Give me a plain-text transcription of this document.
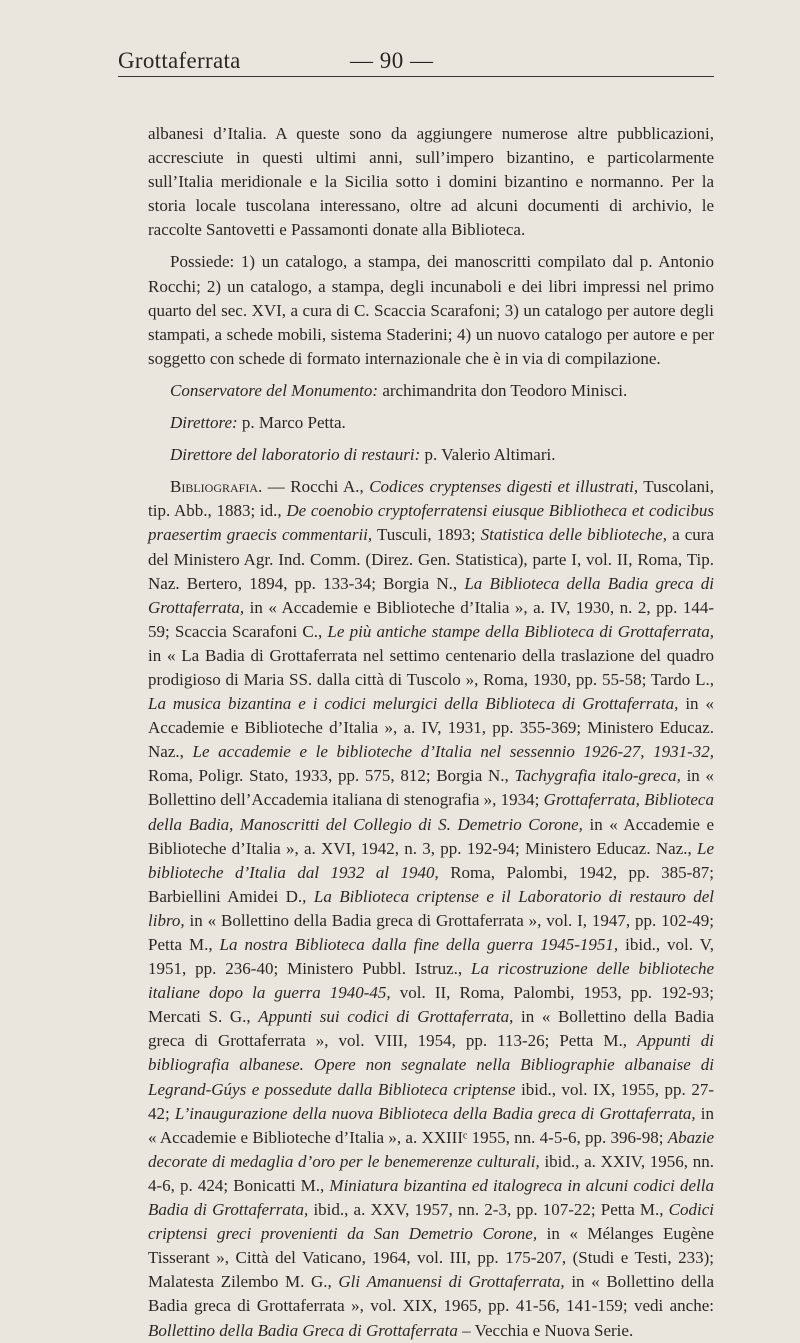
Grottaferrata	— 90 —

albanesi d’Italia. A queste sono da aggiungere numerose altre pubblicazioni, accresciute in questi ultimi anni, sull’impero bizantino, e particolarmente sull’Italia meridionale e la Sicilia sotto i domini bizantino e normanno. Per la storia locale tuscolana interessano, oltre ad alcuni documenti di archivio, le raccolte Santovetti e Passamonti donate alla Biblioteca.

Possiede: 1) un catalogo, a stampa, dei manoscritti compilato dal p. Antonio Rocchi; 2) un catalogo, a stampa, degli incunaboli e dei libri impressi nel primo quarto del sec. XVI, a cura di C. Scaccia Scarafoni; 3) un catalogo per autore degli stampati, a schede mobili, sistema Staderini; 4) un nuovo catalogo per autore e per soggetto con schede di formato internazionale che è in via di compilazione.

Conservatore del Monumento: archimandrita don Teodoro Minisci.

Direttore: p. Marco Petta.

Direttore del laboratorio di restauri: p. Valerio Altimari.

Bibliografia. — Rocchi A., Codices cryptenses digesti et illustrati, Tuscolani, tip. Abb., 1883; id., De coenobio cryptoferratensi eiusque Bibliotheca et codicibus praesertim graecis commentarii, Tusculi, 1893; Statistica delle biblioteche, a cura del Ministero Agr. Ind. Comm. (Direz. Gen. Statistica), parte I, vol. II, Roma, Tip. Naz. Bertero, 1894, pp. 133-34; Borgia N., La Biblioteca della Badia greca di Grottaferrata, in « Accademie e Biblioteche d’Italia », a. IV, 1930, n. 2, pp. 144-59; Scaccia Scarafoni C., Le più antiche stampe della Biblioteca di Grottaferrata, in « La Badia di Grottaferrata nel settimo centenario della traslazione del quadro prodigioso di Maria SS. dalla città di Tuscolo », Roma, 1930, pp. 55-58; Tardo L., La musica bizantina e i codici melurgici della Biblioteca di Grottaferrata, in « Accademie e Biblioteche d’Italia », a. IV, 1931, pp. 355-369; Ministero Educaz. Naz., Le accademie e le biblioteche d’Italia nel sessennio 1926-27, 1931-32, Roma, Poligr. Stato, 1933, pp. 575, 812; Borgia N., Tachygrafia italo-greca, in « Bollettino dell’Accademia italiana di stenografia », 1934; Grottaferrata, Biblioteca della Badia, Manoscritti del Collegio di S. Demetrio Corone, in « Accademie e Biblioteche d’Italia », a. XVI, 1942, n. 3, pp. 192-94; Ministero Educaz. Naz., Le biblioteche d’Italia dal 1932 al 1940, Roma, Palombi, 1942, pp. 385-87; Barbiellini Amidei D., La Biblioteca criptense e il Laboratorio di restauro del libro, in « Bollettino della Badia greca di Grottaferrata », vol. I, 1947, pp. 102-49; Petta M., La nostra Biblioteca dalla fine della guerra 1945-1951, ibid., vol. V, 1951, pp. 236-40; Ministero Pubbl. Istruz., La ricostruzione delle biblioteche italiane dopo la guerra 1940-45, vol. II, Roma, Palombi, 1953, pp. 192-93; Mercati S. G., Appunti sui codici di Grottaferrata, in « Bollettino della Badia greca di Grottaferrata », vol. VIII, 1954, pp. 113-26; Petta M., Appunti di bibliografia albanese. Opere non segnalate nella Bibliographie albanaise di Legrand-Gúys e possedute dalla Biblioteca criptense ibid., vol. IX, 1955, pp. 27-42; L’inaugurazione della nuova Biblioteca della Badia greca di Grottaferrata, in « Accademie e Biblioteche d’Italia », a. XXIIIᶜ 1955, nn. 4-5-6, pp. 396-98; Abazie decorate di medaglia d’oro per le benemerenze culturali, ibid., a. XXIV, 1956, nn. 4-6, p. 424; Bonicatti M., Miniatura bizantina ed italogreca in alcuni codici della Badia di Grottaferrata, ibid., a. XXV, 1957, nn. 2-3, pp. 107-22; Petta M., Codici criptensi greci provenienti da San Demetrio Corone, in « Mélanges Eugène Tisserant », Città del Vaticano, 1964, vol. III, pp. 175-207, (Studi e Testi, 233); Malatesta Zilembo M. G., Gli Amanuensi di Grottaferrata, in « Bollettino della Badia greca di Grottaferrata », vol. XIX, 1965, pp. 41-56, 141-159; vedi anche: Bollettino della Badia Greca di Grottaferrata – Vecchia e Nuova Serie.
